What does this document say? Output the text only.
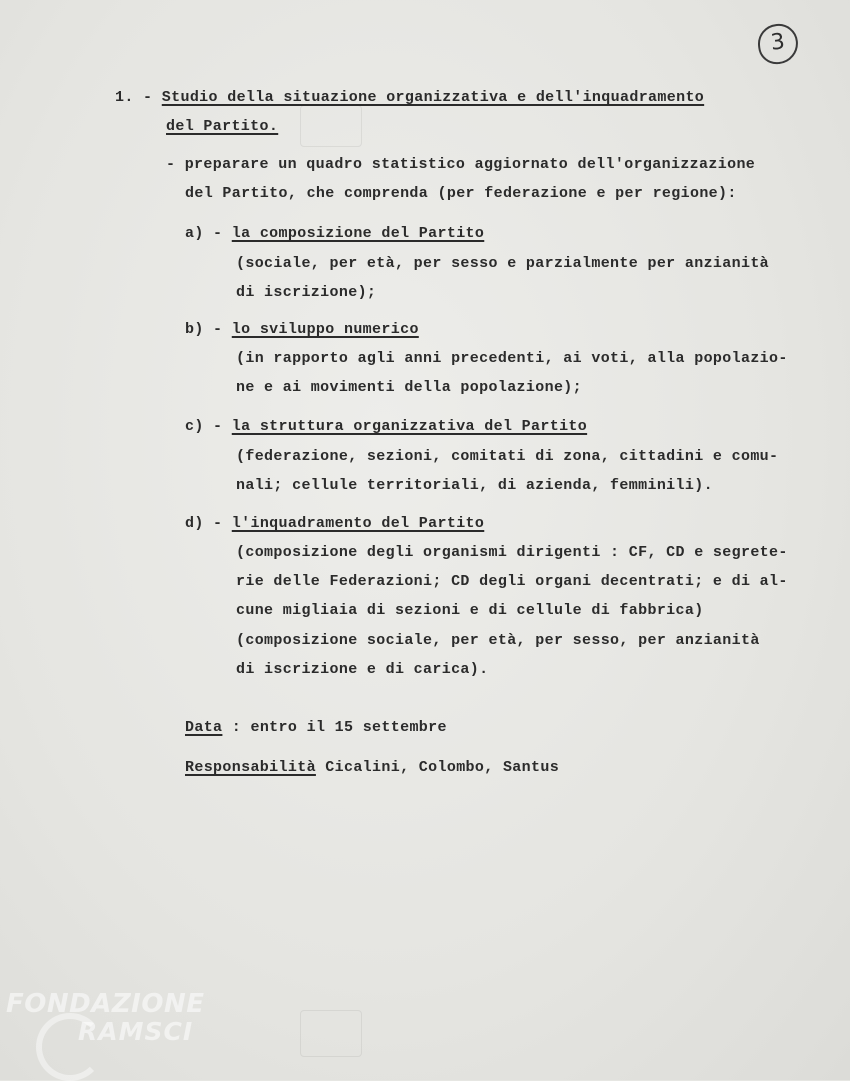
3
1. - Studio della situazione organizzativa e dell'inquadramento
del Partito.
- preparare un quadro statistico aggiornato dell'organizzazione
del Partito, che comprenda (per federazione e per regione):
a) - la composizione del Partito
(sociale, per età, per sesso e parzialmente per anzianità
di iscrizione);
b) - lo sviluppo numerico
(in rapporto agli anni precedenti, ai voti, alla popolazio-
ne e ai movimenti della popolazione);
c) - la struttura organizzativa del Partito
(federazione, sezioni, comitati di zona, cittadini e comu-
nali; cellule territoriali, di azienda, femminili).
d) - l'inquadramento del Partito
(composizione degli organismi dirigenti : CF, CD e segrete-
rie delle Federazioni; CD degli organi decentrati; e di al-
cune migliaia di sezioni e di cellule di fabbrica)
(composizione sociale, per età, per sesso, per anzianità
di iscrizione e di carica).
Data : entro il 15 settembre
Responsabilità Cicalini, Colombo, Santus
FONDAZIONE
RAMSCI
